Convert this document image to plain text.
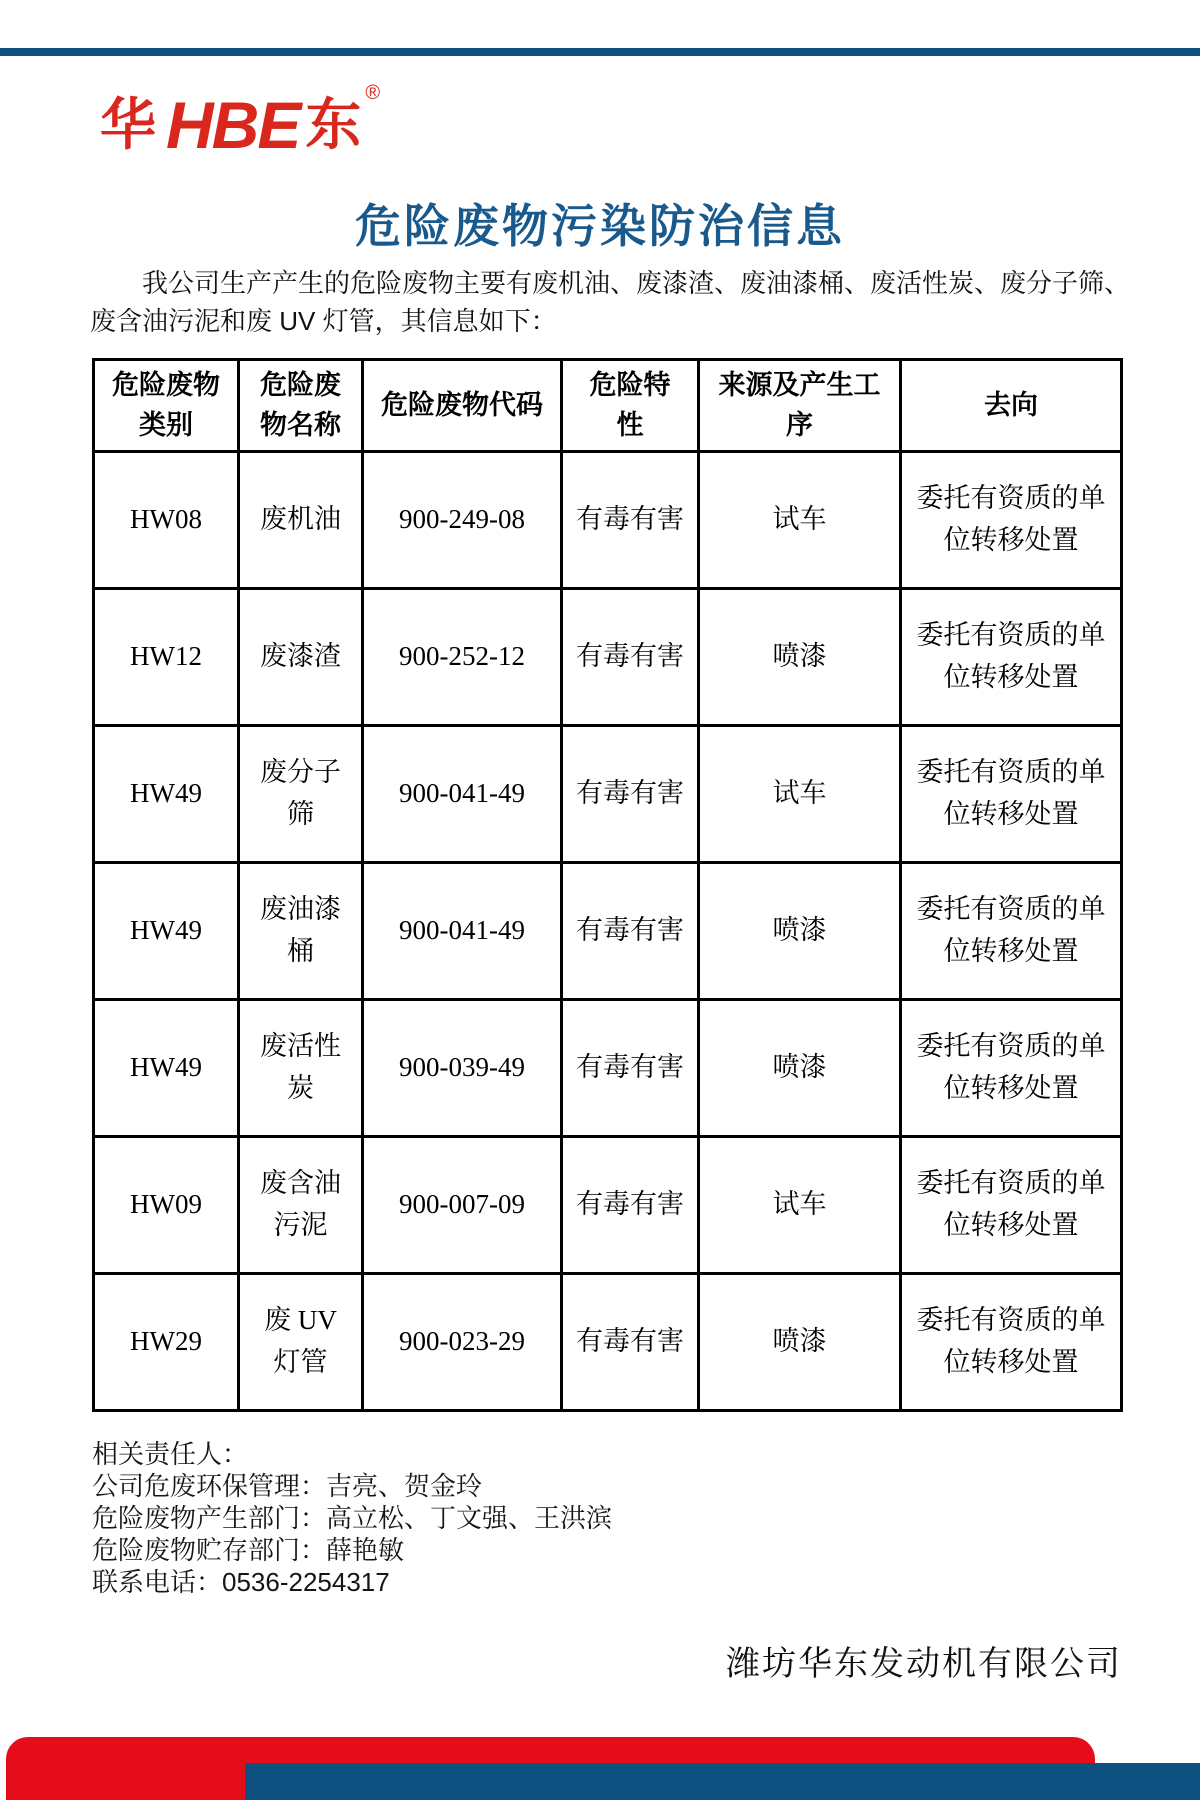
华 HBE 东 ®
危险废物污染防治信息
我公司生产产生的危险废物主要有废机油、废漆渣、废油漆桶、废活性炭、废分子筛、
废含油污泥和废 UV 灯管，其信息如下：
危险废物类别	危险废物名称	危险废物代码	危险特性	来源及产生工序	去向
HW08	废机油	900-249-08	有毒有害	试车	委托有资质的单位转移处置
HW12	废漆渣	900-252-12	有毒有害	喷漆	委托有资质的单位转移处置
HW49	废分子筛	900-041-49	有毒有害	试车	委托有资质的单位转移处置
HW49	废油漆桶	900-041-49	有毒有害	喷漆	委托有资质的单位转移处置
HW49	废活性炭	900-039-49	有毒有害	喷漆	委托有资质的单位转移处置
HW09	废含油污泥	900-007-09	有毒有害	试车	委托有资质的单位转移处置
HW29	废 UV 灯管	900-023-29	有毒有害	喷漆	委托有资质的单位转移处置
相关责任人：
公司危废环保管理：吉亮、贺金玲
危险废物产生部门：高立松、丁文强、王洪滨
危险废物贮存部门：薛艳敏
联系电话：0536-2254317
潍坊华东发动机有限公司
